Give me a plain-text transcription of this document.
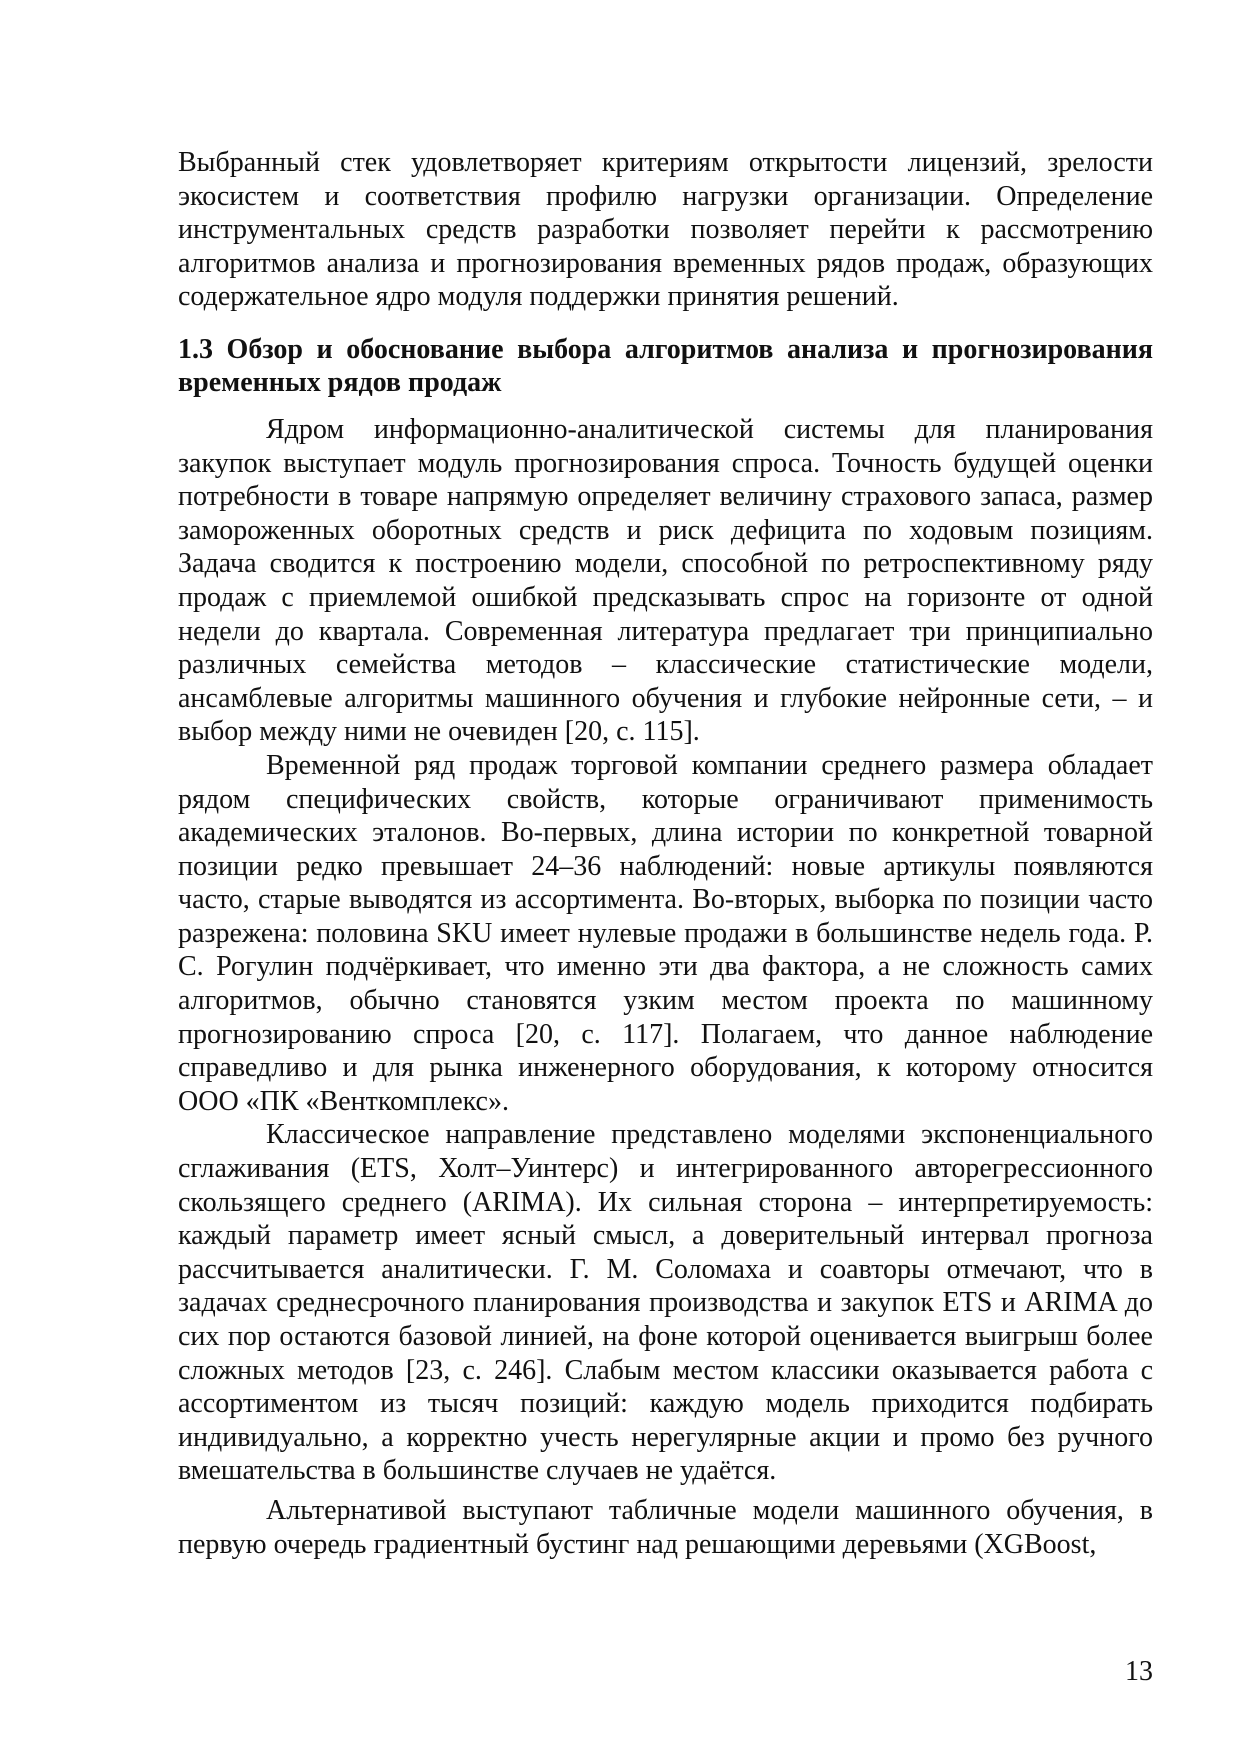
Выбранный стек удовлетворяет критериям открытости лицензий, зрелости экосистем и соответствия профилю нагрузки организации. Определение инструментальных средств разработки позволяет перейти к рассмотрению алгоритмов анализа и прогнозирования временных рядов продаж, образующих содержательное ядро модуля поддержки принятия решений.

1.3 Обзор и обоснование выбора алгоритмов анализа и прогнозирования временных рядов продаж

Ядром информационно-аналитической системы для планирования закупок выступает модуль прогнозирования спроса. Точность будущей оценки потребности в товаре напрямую определяет величину страхового запаса, размер замороженных оборотных средств и риск дефицита по ходовым позициям. Задача сводится к построению модели, способной по ретроспективному ряду продаж с приемлемой ошибкой предсказывать спрос на горизонте от одной недели до квартала. Современная литература предлагает три принципиально различных семейства методов – классические статистические модели, ансамблевые алгоритмы машинного обучения и глубокие нейронные сети, – и выбор между ними не очевиден [20, с. 115].

Временной ряд продаж торговой компании среднего размера обладает рядом специфических свойств, которые ограничивают применимость академических эталонов. Во-первых, длина истории по конкретной товарной позиции редко превышает 24–36 наблюдений: новые артикулы появляются часто, старые выводятся из ассортимента. Во-вторых, выборка по позиции часто разрежена: половина SKU имеет нулевые продажи в большинстве недель года. Р. С. Рогулин подчёркивает, что именно эти два фактора, а не сложность самих алгоритмов, обычно становятся узким местом проекта по машинному прогнозированию спроса [20, с. 117]. Полагаем, что данное наблюдение справедливо и для рынка инженерного оборудования, к которому относится ООО «ПК «Венткомплекс».

Классическое направление представлено моделями экспоненциального сглаживания (ETS, Холт–Уинтерс) и интегрированного авторегрессионного скользящего среднего (ARIMA). Их сильная сторона – интерпретируемость: каждый параметр имеет ясный смысл, а доверительный интервал прогноза рассчитывается аналитически. Г. М. Соломаха и соавторы отмечают, что в задачах среднесрочного планирования производства и закупок ETS и ARIMA до сих пор остаются базовой линией, на фоне которой оценивается выигрыш более сложных методов [23, с. 246]. Слабым местом классики оказывается работа с ассортиментом из тысяч позиций: каждую модель приходится подбирать индивидуально, а корректно учесть нерегулярные акции и промо без ручного вмешательства в большинстве случаев не удаётся.

Альтернативой выступают табличные модели машинного обучения, в первую очередь градиентный бустинг над решающими деревьями (XGBoost,

13
